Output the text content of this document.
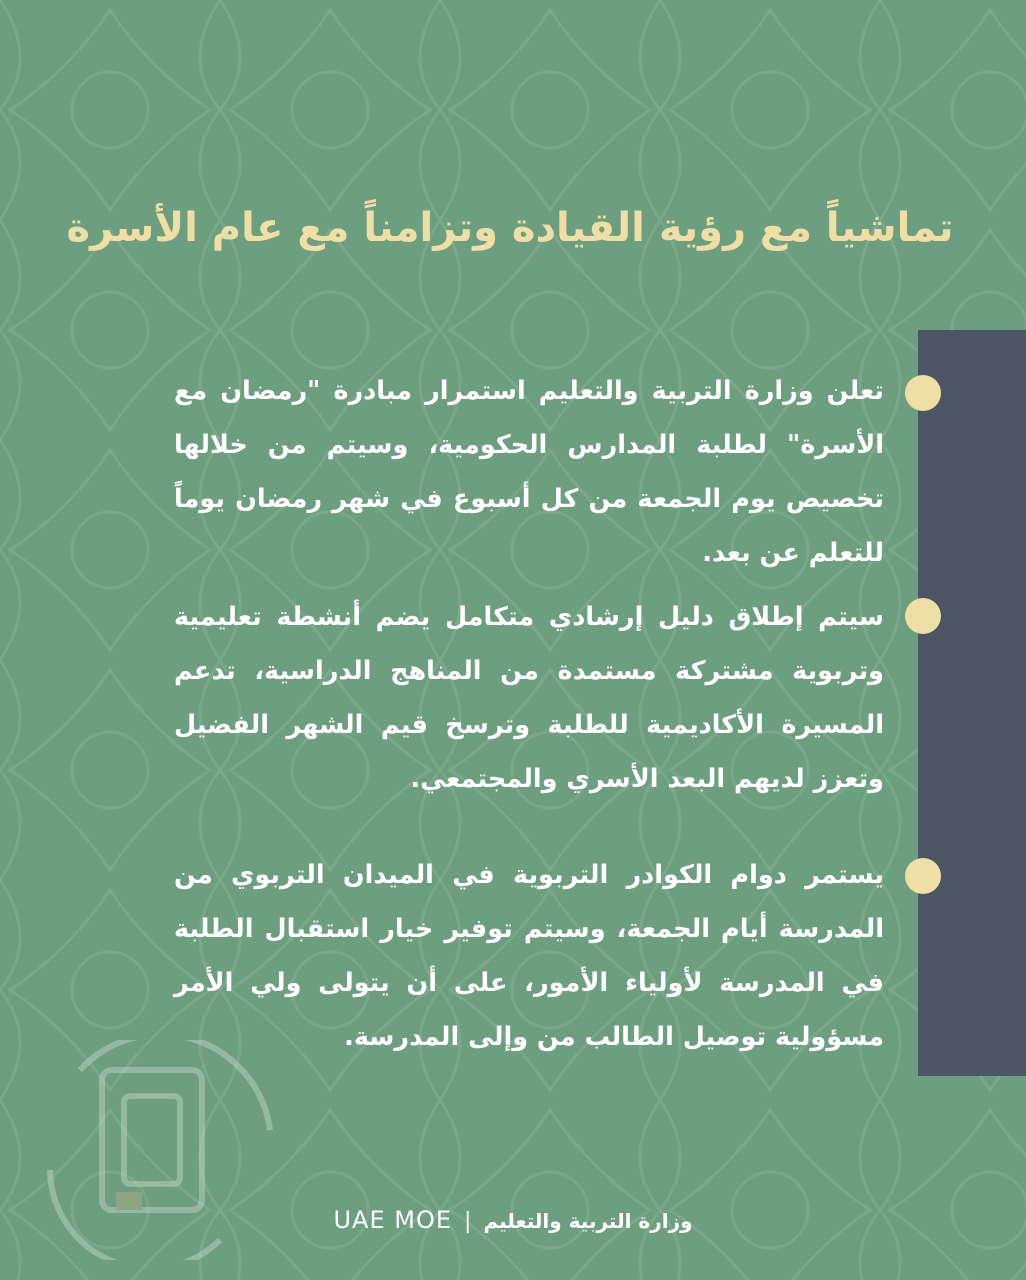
تماشياً مع رؤية القيادة وتزامناً مع عام الأسرة

تعلن وزارة التربية والتعليم استمرار مبادرة "رمضان مع الأسرة" لطلبة المدارس الحكومية، وسيتم من خلالها تخصيص يوم الجمعة من كل أسبوع في شهر رمضان يوماً للتعلم عن بعد.

سيتم إطلاق دليل إرشادي متكامل يضم أنشطة تعليمية وتربوية مشتركة مستمدة من المناهج الدراسية، تدعم المسيرة الأكاديمية للطلبة وترسخ قيم الشهر الفضيل وتعزز لديهم البعد الأسري والمجتمعي.

يستمر دوام الكوادر التربوية في الميدان التربوي من المدرسة أيام الجمعة، وسيتم توفير خيار استقبال الطلبة في المدرسة لأولياء الأمور، على أن يتولى ولي الأمر مسؤولية توصيل الطالب من وإلى المدرسة.

UAE MOE | وزارة التربية والتعليم
